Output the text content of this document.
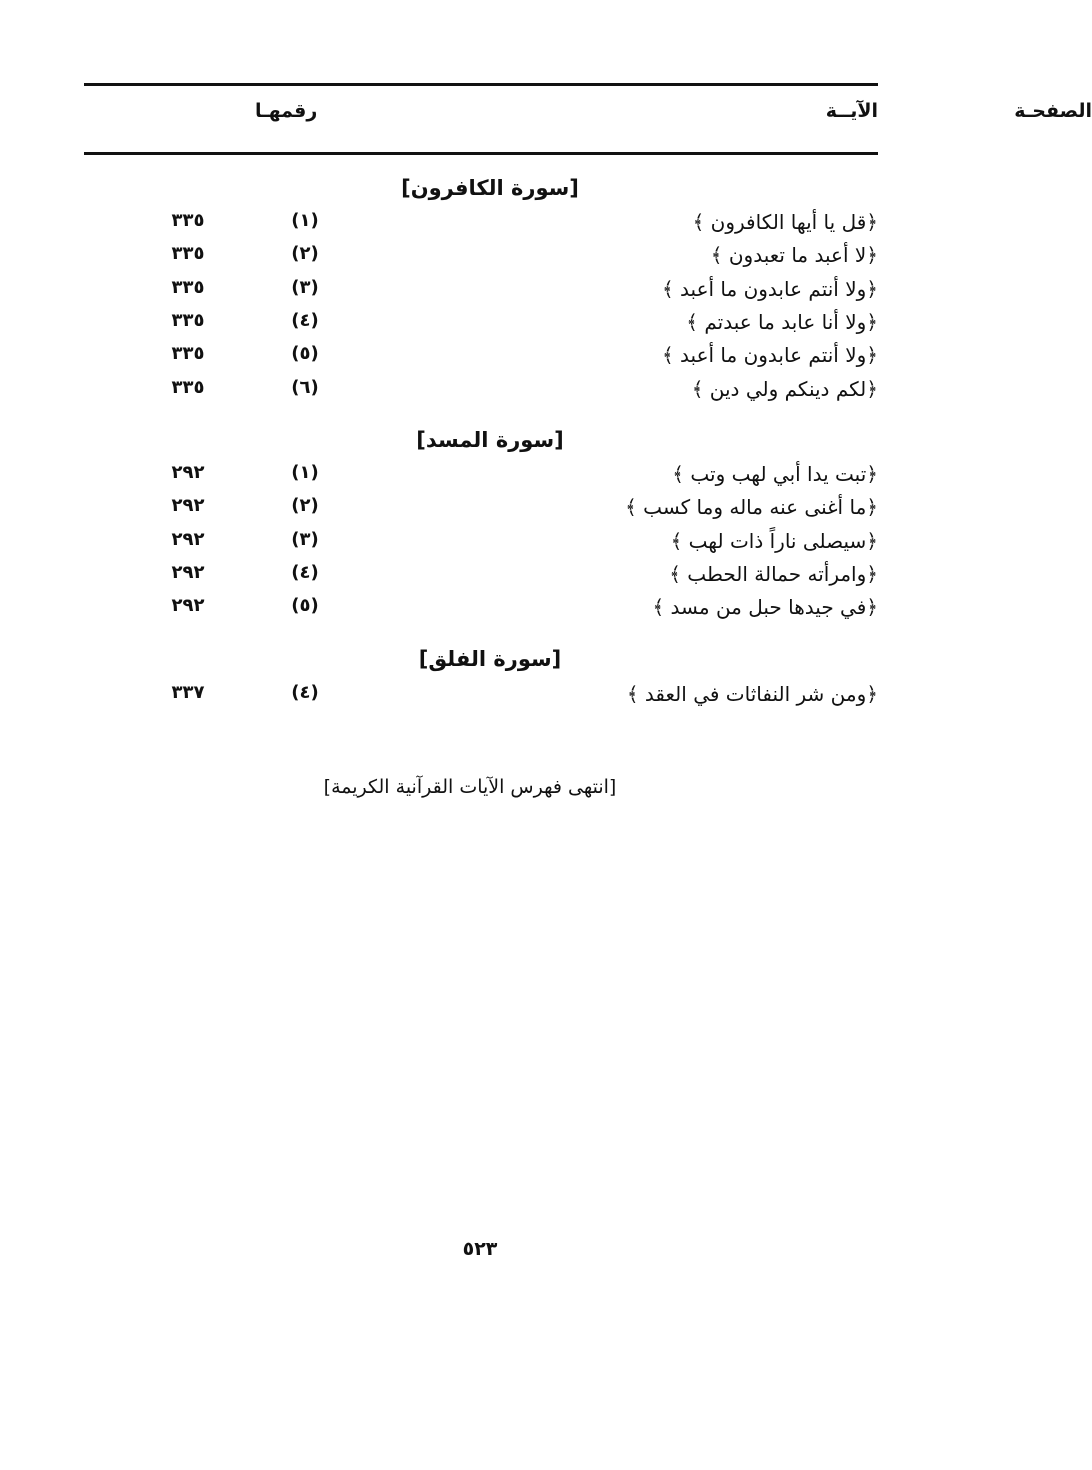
الآيــة
رقمهـا	الصفحـة
[سورة الكافرون]
﴿قل يا أيها الكافرون ﴾
(١)
٣٣٥
﴿لا أعبد ما تعبدون ﴾
(٢)
٣٣٥
﴿ولا أنتم عابدون ما أعبد ﴾
(٣)
٣٣٥
﴿ولا أنا عابد ما عبدتم ﴾
(٤)
٣٣٥
﴿ولا أنتم عابدون ما أعبد ﴾
(٥)
٣٣٥
﴿لكم دينكم ولي دين ﴾
(٦)
٣٣٥
[سورة المسد]
﴿تبت يدا أبي لهب وتب ﴾
(١)
٢٩٢
﴿ما أغنى عنه ماله وما كسب ﴾
(٢)
٢٩٢
﴿سيصلى ناراً ذات لهب ﴾
(٣)
٢٩٢
﴿وامرأته حمالة الحطب ﴾
(٤)
٢٩٢
﴿في جيدها حبل من مسد ﴾
(٥)
٢٩٢
[سورة الفلق]
﴿ومن شر النفاثات في العقد ﴾
(٤)
٣٣٧
[انتهى فهرس الآيات القرآنية الكريمة]
٥٢٣
